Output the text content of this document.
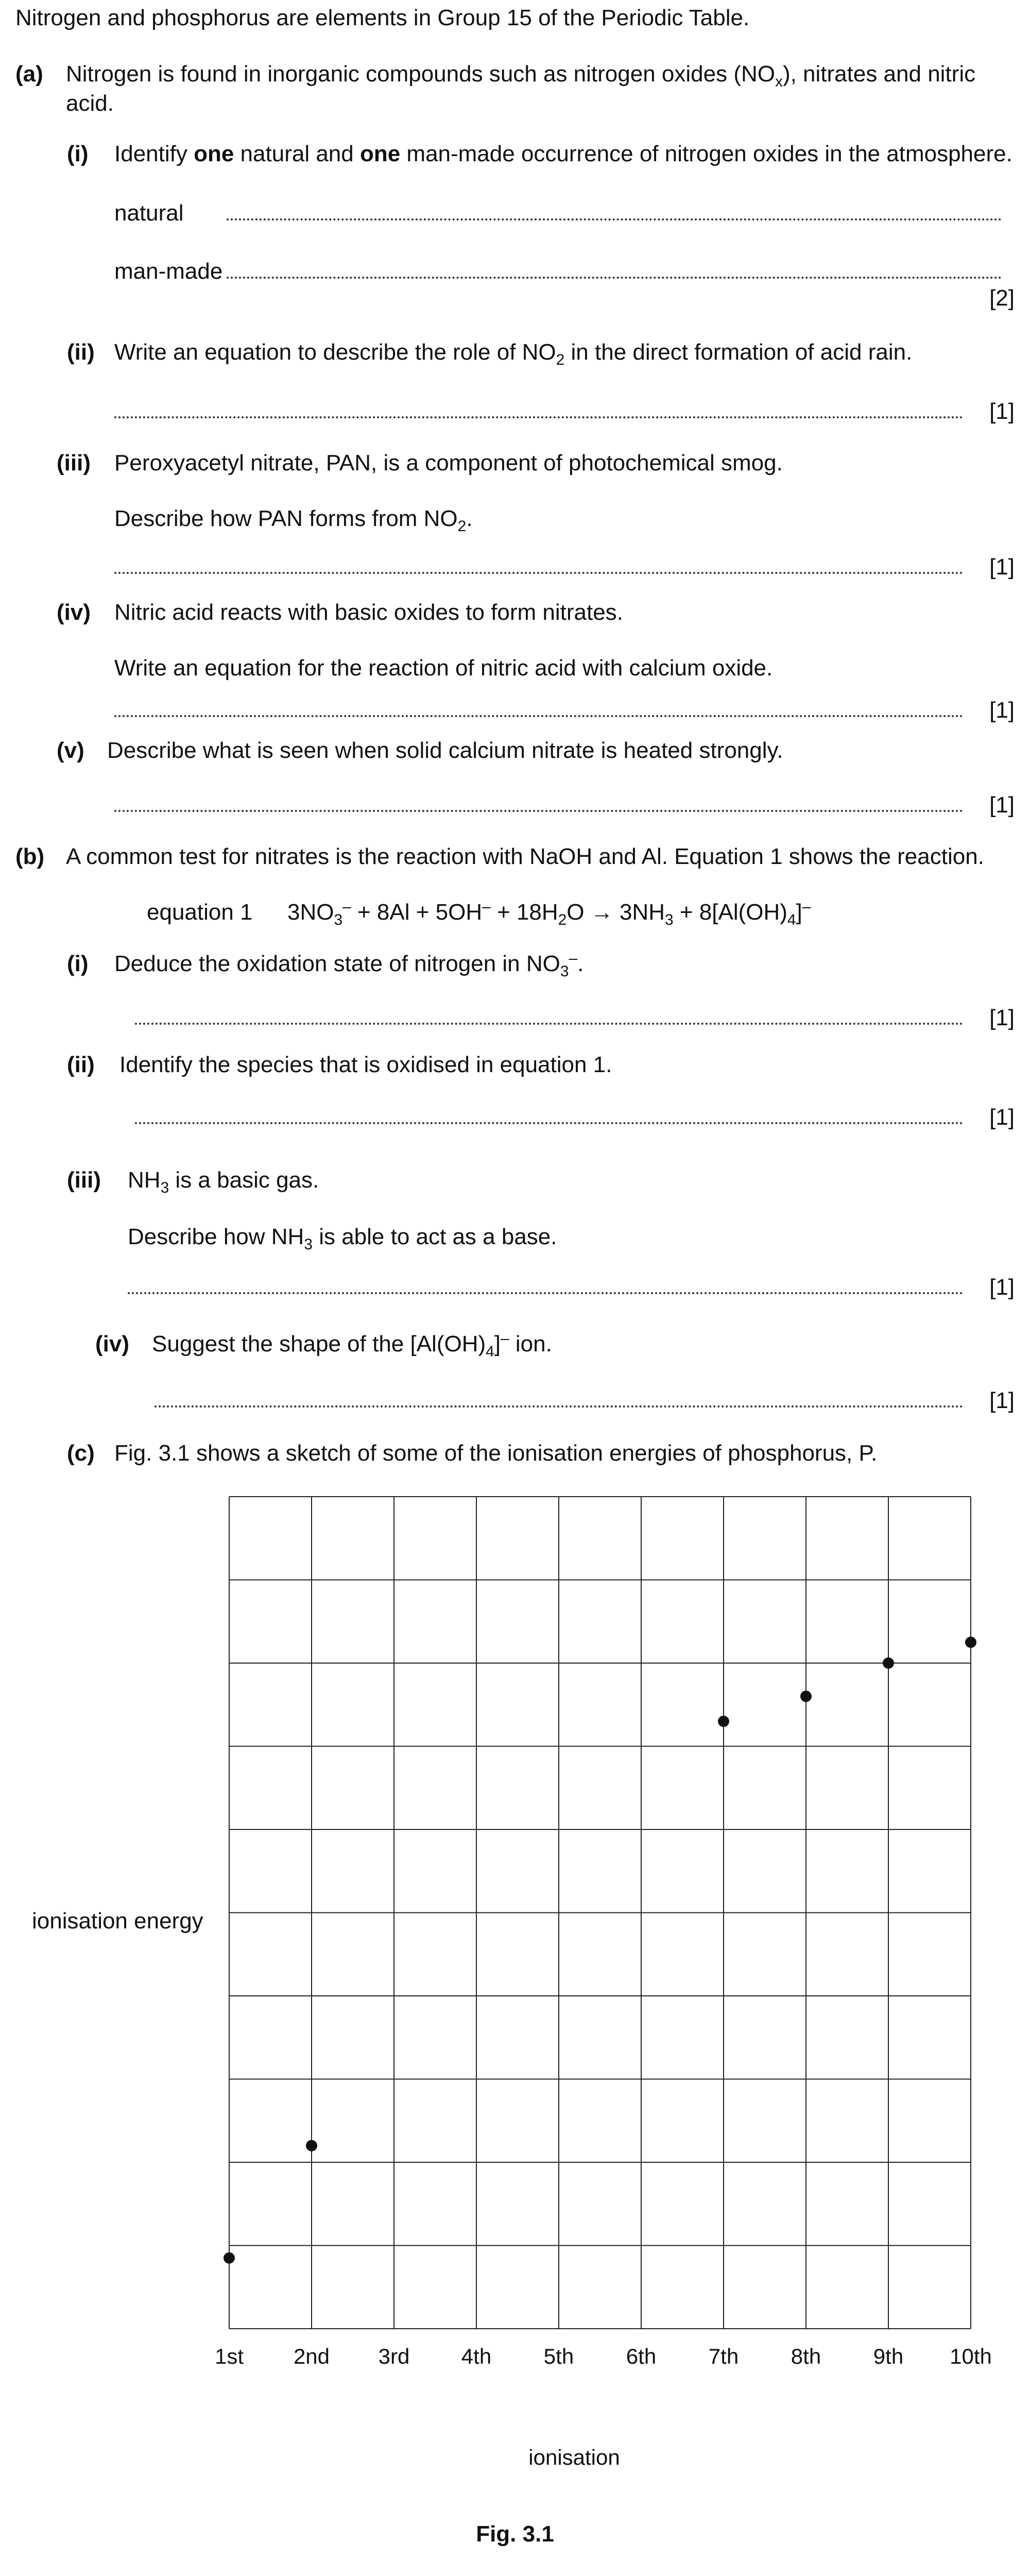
Nitrogen and phosphorus are elements in Group 15 of the Periodic Table.
(a) Nitrogen is found in inorganic compounds such as nitrogen oxides $(NO_x)$, nitrates and nitric acid.
(i) Identify one natural and one man-made occurrence of nitrogen oxides in the atmosphere.
natural
man-made
[2]
(ii) Write an equation to describe the role of $NO_2$ in the direct formation of acid rain.
[1]
(iii) Peroxyacetyl nitrate, PAN, is a component of photochemical smog.
Describe how PAN forms from $NO_2$.
[1]
(iv) Nitric acid reacts with basic oxides to form nitrates.
Write an equation for the reaction of nitric acid with calcium oxide.
[1]
(v) Describe what is seen when solid calcium nitrate is heated strongly.
[1]
(b) A common test for nitrates is the reaction with NaOH and Al. Equation 1 shows the reaction.
equation 1 $3NO_3^- + 8Al + 5OH^- + 18H_2O \to 3NH_3 + 8[Al(OH)_4]^-$
(i) Deduce the oxidation state of nitrogen in $NO_3^-$.
[1]
(ii) Identify the species that is oxidised in equation 1.
[1]
(iii) $NH_3$ is a basic gas.
Describe how $NH_3$ is able to act as a base.
[1]
(iv) Suggest the shape of the $[Al(OH)_4]^-$ ion.
[1]
(c) Fig. 3.1 shows a sketch of some of the ionisation energies of phosphorus, P.
ionisation energy
1st 2nd 3rd 4th 5th 6th 7th 8th 9th 10th
ionisation
Fig. 3.1
